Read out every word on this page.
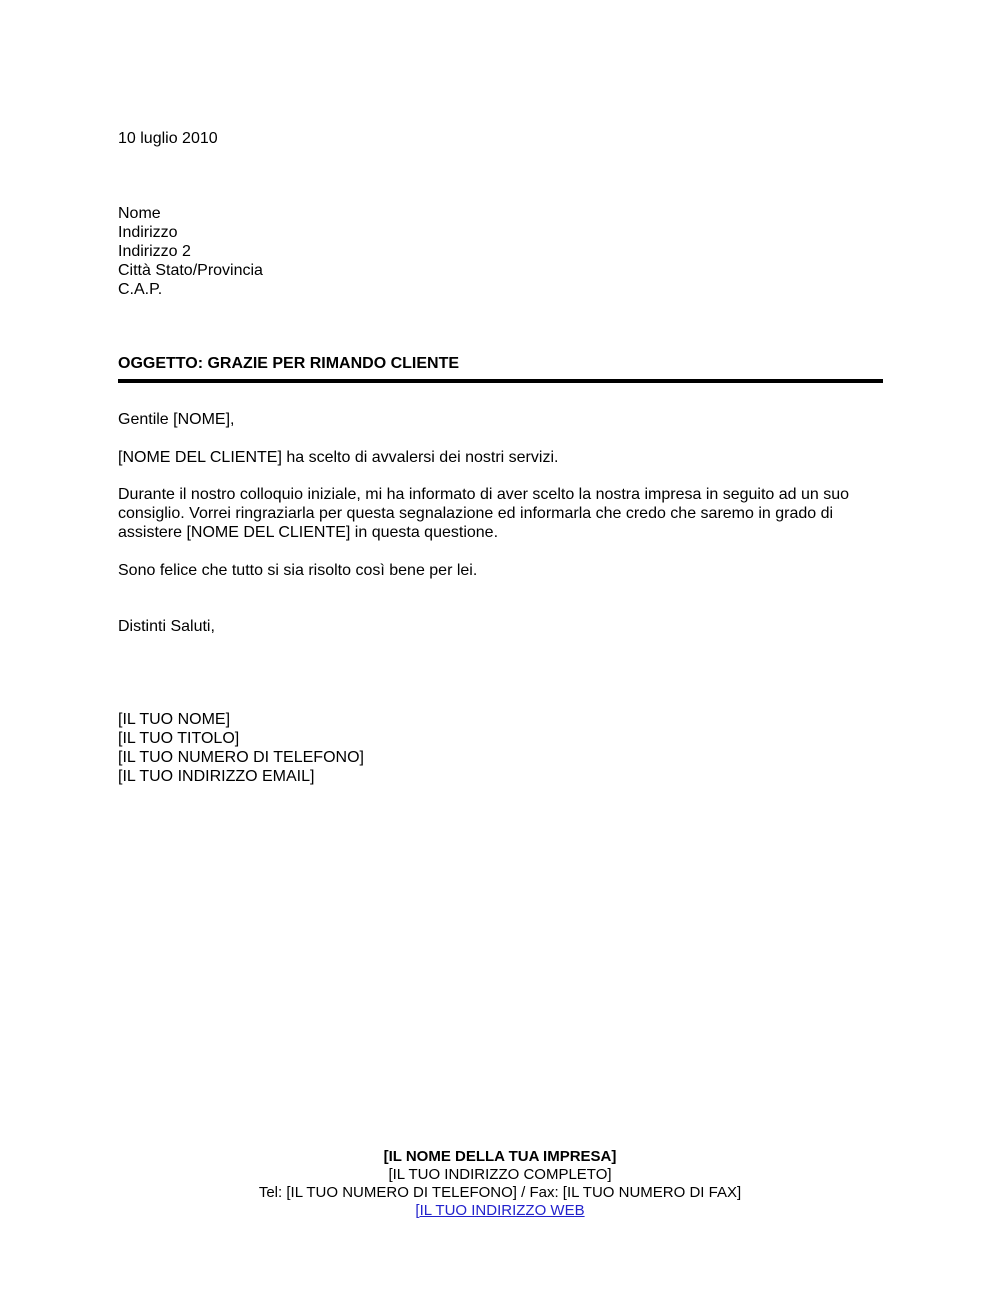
10 luglio 2010
Nome
Indirizzo
Indirizzo 2
Città Stato/Provincia
C.A.P.
OGGETTO: GRAZIE PER RIMANDO CLIENTE
Gentile [NOME],
[NOME DEL CLIENTE] ha scelto di avvalersi dei nostri servizi.
Durante il nostro colloquio iniziale, mi ha informato di aver scelto la nostra impresa in seguito ad un suo
consiglio. Vorrei ringraziarla per questa segnalazione ed informarla che credo che saremo in grado di
assistere [NOME DEL CLIENTE] in questa questione.
Sono felice che tutto si sia risolto così bene per lei.
Distinti Saluti,
[IL TUO NOME]
[IL TUO TITOLO]
[IL TUO NUMERO DI TELEFONO]
[IL TUO INDIRIZZO EMAIL]
[IL NOME DELLA TUA IMPRESA]
[IL TUO INDIRIZZO COMPLETO]
Tel: [IL TUO NUMERO DI TELEFONO] / Fax: [IL TUO NUMERO DI FAX]
[IL TUO INDIRIZZO WEB
